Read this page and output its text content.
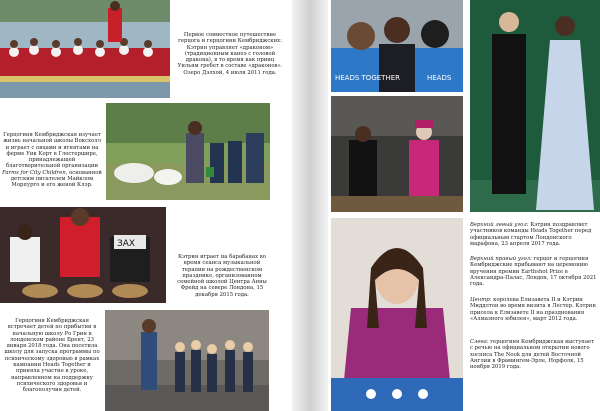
ЗАХ

Первое совместное путешествие герцога и герцогини Кембриджских: Кэтрин управляет «драконом» (традиционным каноэ с головой дракона), в то время как принц Уильям гребет в составе «драконов». Озеро Дэлхой, 4 июля 2011 года.

Герцогиня Кембриджская изучает жизнь начальной школы Воксхолл и играет с овцами и ягнятами на ферме Уик Корт в Глостершире, принадлежащей благотворительной организации Farms for City Children, основанной детским писателем Майклом Морпурго и его женой Клэр.

Кэтрин играет на барабанах во время сеанса музыкальной терапии на рождественском празднике, организованном семейной школой Центра Анны Фрейд на севере Лондона, 15 декабря 2015 года.

Герцогиня Кембриджская встречает детей по прибытии в начальную школу Ро Грин в лондонском районе Брент, 23 января 2018 года. Она посетила школу для запуска программы по психическому здоровью в рамках кампании Heads Together и приняла участие в уроке, направленном на поддержку психического здоровья и благополучия детей.

HEADS TOGETHER	HEADS

Верхний левый угол: Кэтрин поздравляет участников команды Heads Together перед официальным стартом Лондонского марафона, 23 апреля 2017 года.

Верхний правый угол: герцог и герцогиня Кембриджские прибывают на церемонию вручения премии Earthshot Prize в Александра-Палас, Лондон, 17 октября 2021 года.

Центр: королева Елизавета II и Кэтрин Миддлтон во время визита в Лестер. Кэтрин присела к Елизавете II на празднования «Алмазного юбилея», март 2012 года.

Слева: герцогиня Кембриджская выступает с речью на официальном открытии нового хосписа The Nook для детей Восточной Англии в Фрамингем-Эрле, Норфолк, 15 ноября 2019 года.
